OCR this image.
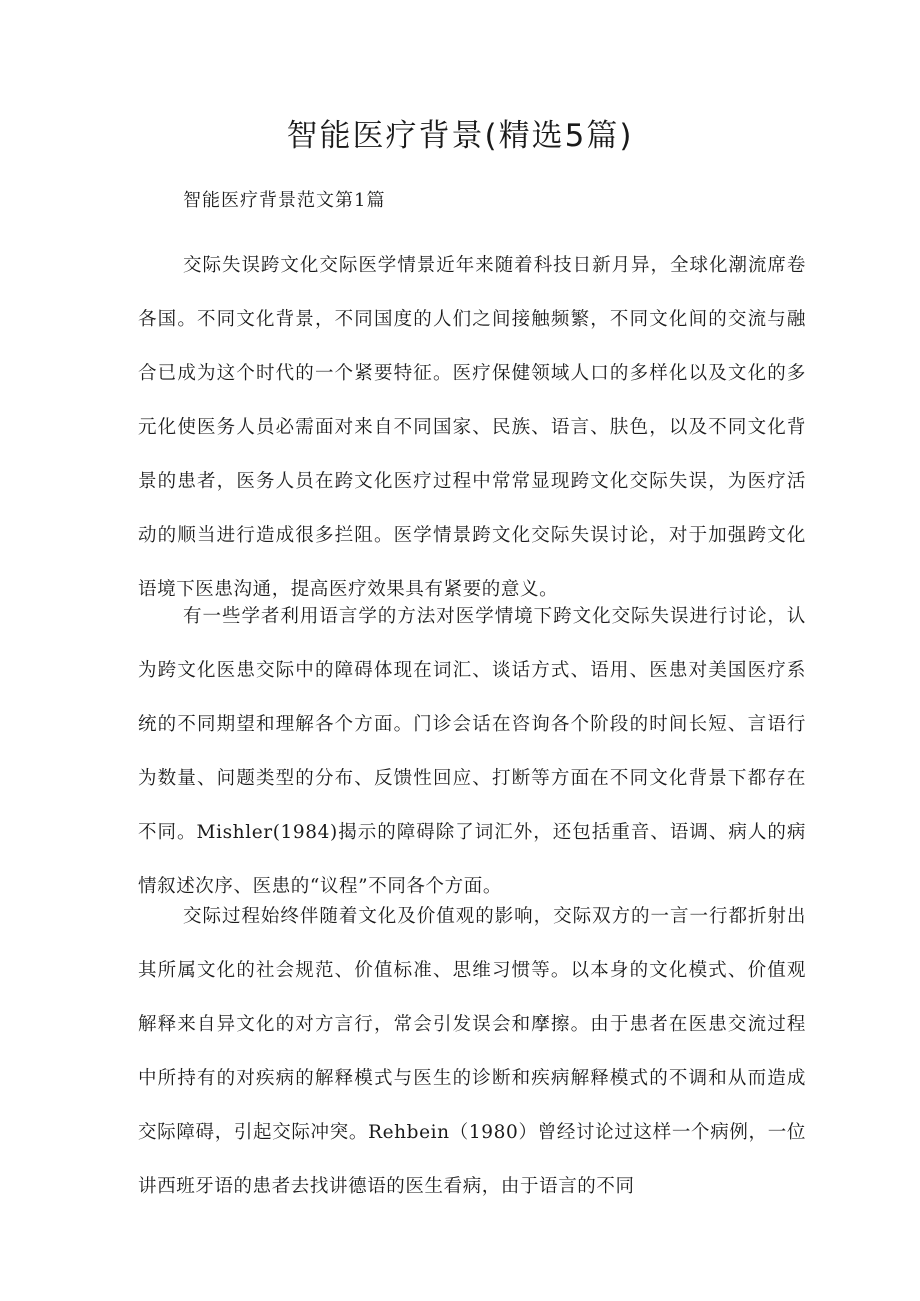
智能医疗背景(精选5篇)

智能医疗背景范文第1篇

交际失误跨文化交际医学情景近年来随着科技日新月异，全球化潮流席卷各国。不同文化背景，不同国度的人们之间接触频繁，不同文化间的交流与融合已成为这个时代的一个紧要特征。医疗保健领域人口的多样化以及文化的多元化使医务人员必需面对来自不同国家、民族、语言、肤色，以及不同文化背景的患者，医务人员在跨文化医疗过程中常常显现跨文化交际失误，为医疗活动的顺当进行造成很多拦阻。医学情景跨文化交际失误讨论，对于加强跨文化语境下医患沟通，提高医疗效果具有紧要的意义。

有一些学者利用语言学的方法对医学情境下跨文化交际失误进行讨论，认为跨文化医患交际中的障碍体现在词汇、谈话方式、语用、医患对美国医疗系统的不同期望和理解各个方面。门诊会话在咨询各个阶段的时间长短、言语行为数量、问题类型的分布、反馈性回应、打断等方面在不同文化背景下都存在不同。Mishler(1984)揭示的障碍除了词汇外，还包括重音、语调、病人的病情叙述次序、医患的“议程”不同各个方面。

交际过程始终伴随着文化及价值观的影响，交际双方的一言一行都折射出其所属文化的社会规范、价值标准、思维习惯等。以本身的文化模式、价值观解释来自异文化的对方言行，常会引发误会和摩擦。由于患者在医患交流过程中所持有的对疾病的解释模式与医生的诊断和疾病解释模式的不调和从而造成交际障碍，引起交际冲突。Rehbein（1980）曾经讨论过这样一个病例，一位讲西班牙语的患者去找讲德语的医生看病，由于语言的不同
